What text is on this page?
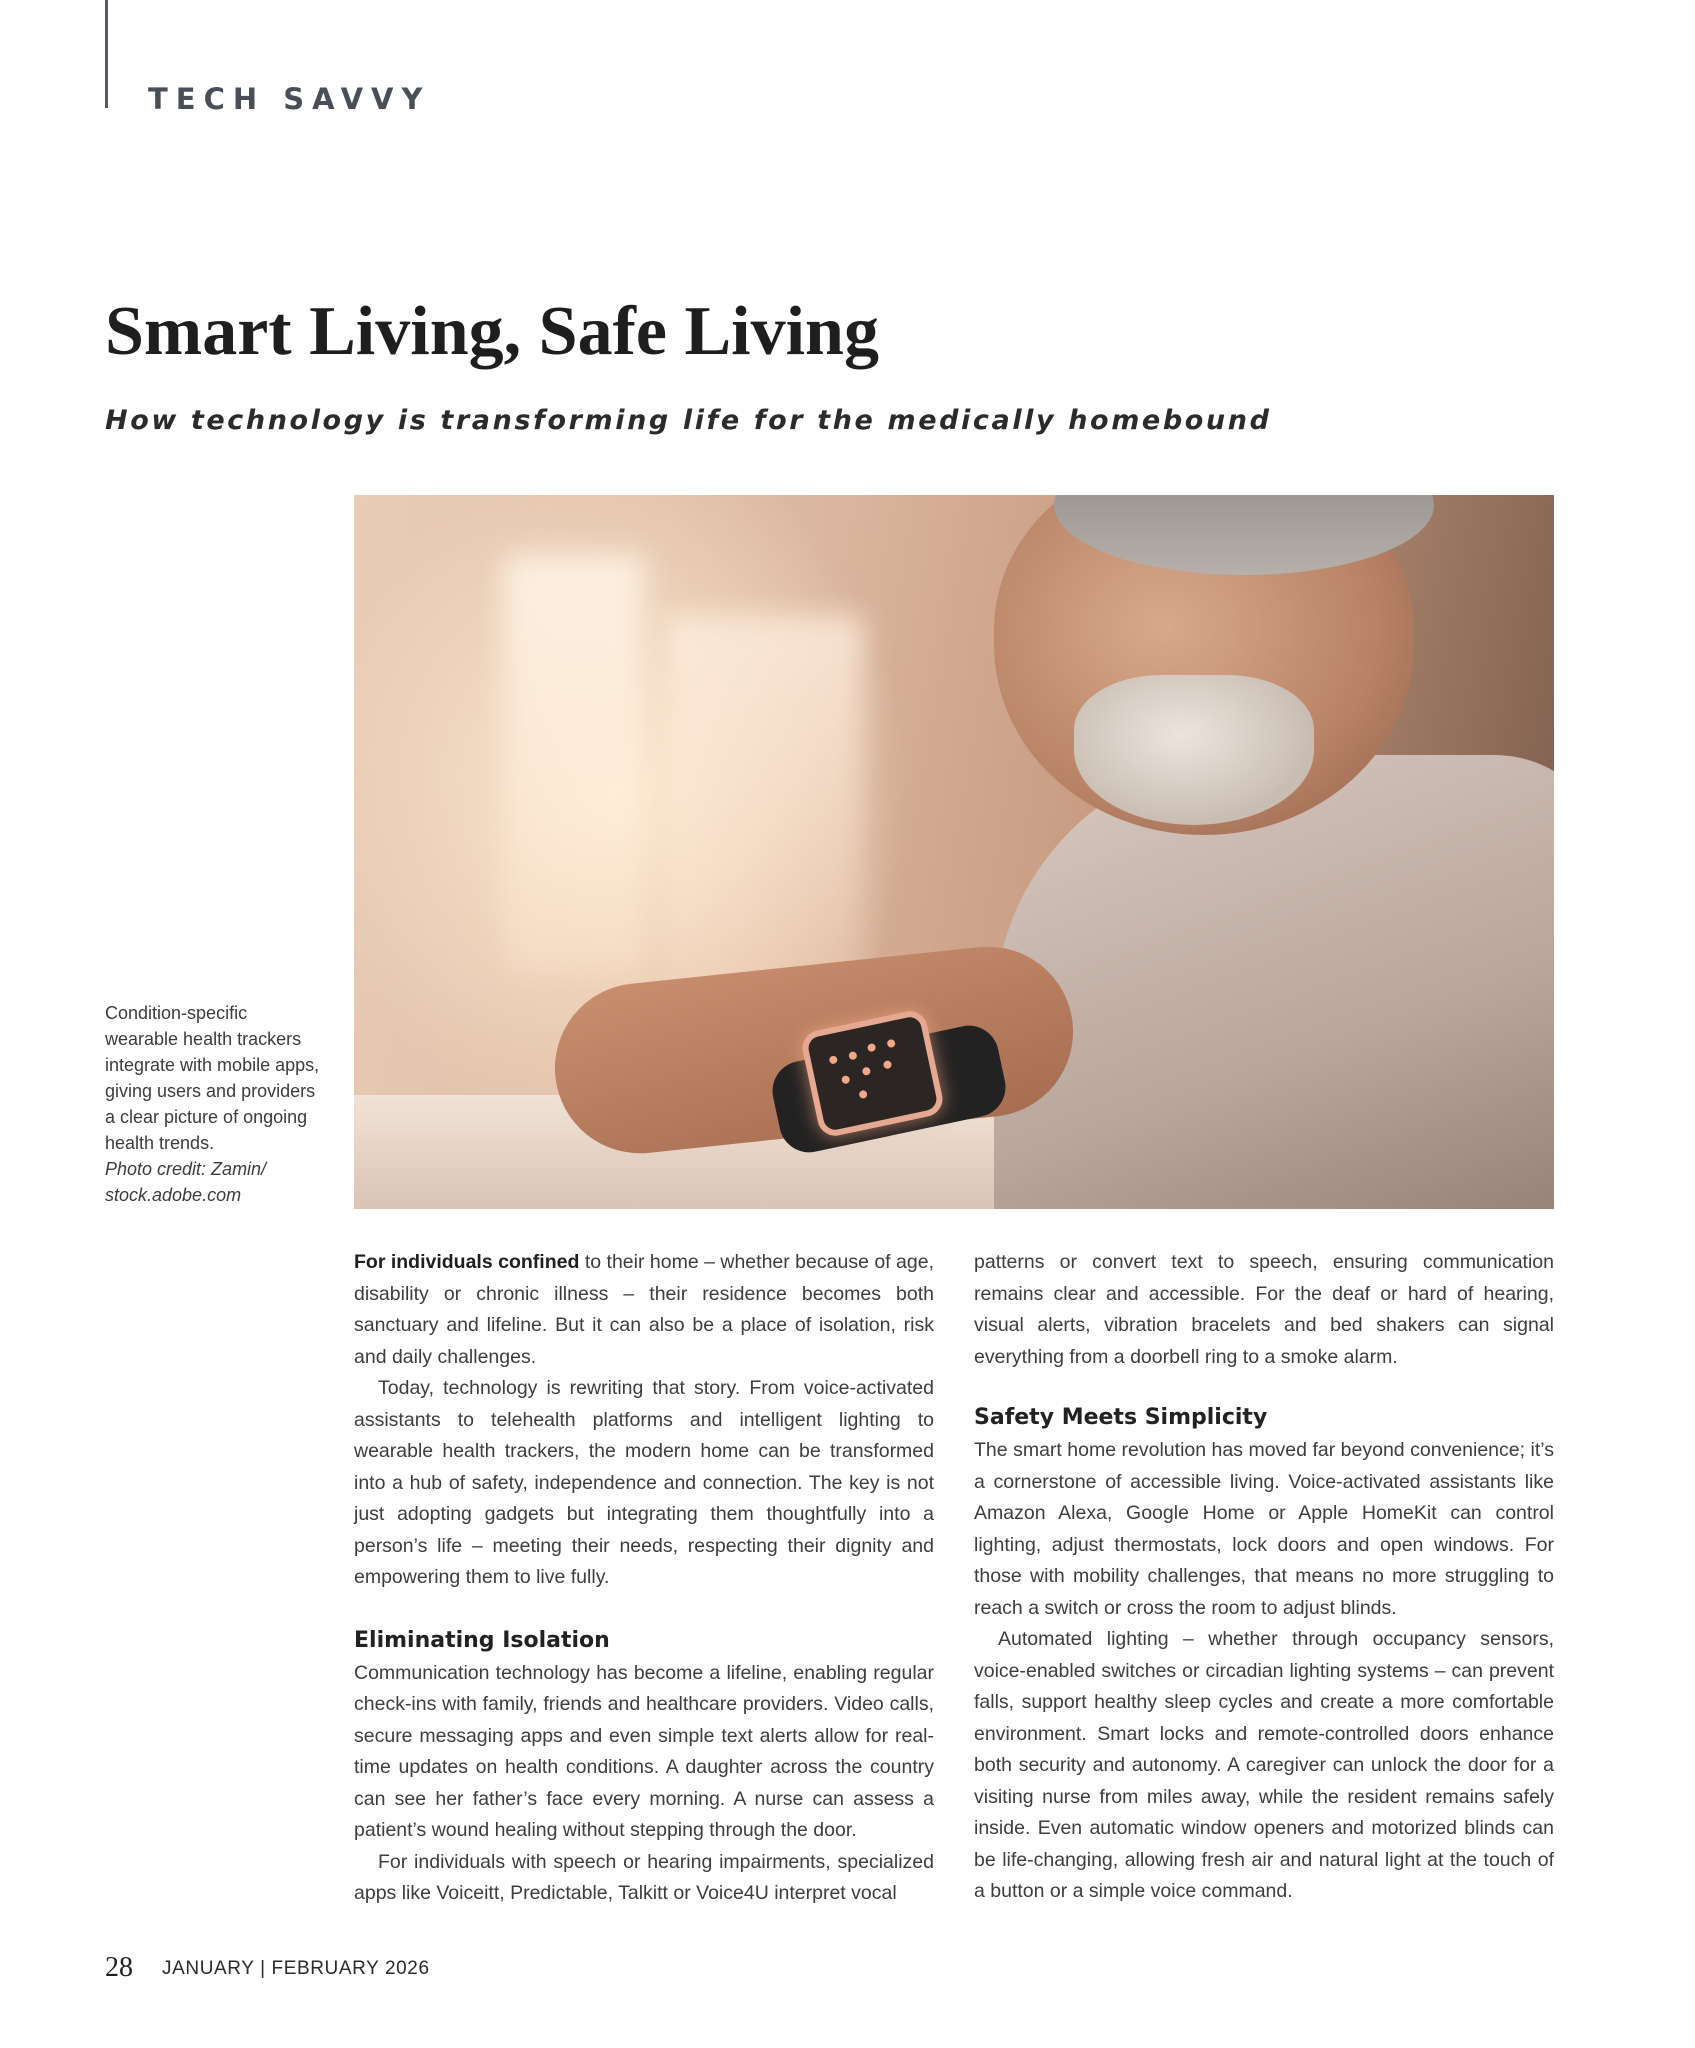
TECH SAVVY
Smart Living, Safe Living

How technology is transforming life for the medically homebound

Condition-specific wearable health trackers integrate with mobile apps, giving users and providers a clear picture of ongoing health trends.
Photo credit: Zamin/ stock.adobe.com

For individuals confined to their home – whether because of age, disability or chronic illness – their residence becomes both sanctuary and lifeline. But it can also be a place of isolation, risk and daily challenges.

Today, technology is rewriting that story. From voice-activated assistants to telehealth platforms and intelligent lighting to wearable health trackers, the modern home can be transformed into a hub of safety, independence and connection. The key is not just adopting gadgets but integrating them thoughtfully into a person’s life – meeting their needs, respecting their dignity and empowering them to live fully.

Eliminating Isolation

Communication technology has become a lifeline, enabling regular check-ins with family, friends and healthcare providers. Video calls, secure messaging apps and even simple text alerts allow for real-time updates on health conditions. A daughter across the country can see her father’s face every morning. A nurse can assess a patient’s wound healing without stepping through the door.

For individuals with speech or hearing impairments, specialized apps like Voiceitt, Predictable, Talkitt or Voice4U interpret vocal

patterns or convert text to speech, ensuring communication remains clear and accessible. For the deaf or hard of hearing, visual alerts, vibration bracelets and bed shakers can signal everything from a doorbell ring to a smoke alarm.

Safety Meets Simplicity

The smart home revolution has moved far beyond convenience; it’s a cornerstone of accessible living. Voice-activated assistants like Amazon Alexa, Google Home or Apple HomeKit can control lighting, adjust thermostats, lock doors and open windows. For those with mobility challenges, that means no more struggling to reach a switch or cross the room to adjust blinds.

Automated lighting – whether through occupancy sensors, voice-enabled switches or circadian lighting systems – can prevent falls, support healthy sleep cycles and create a more comfortable environment. Smart locks and remote-controlled doors enhance both security and autonomy. A caregiver can unlock the door for a visiting nurse from miles away, while the resident remains safely inside. Even automatic window openers and motorized blinds can be life-changing, allowing fresh air and natural light at the touch of a button or a simple voice command.

28 JANUARY | FEBRUARY 2026
